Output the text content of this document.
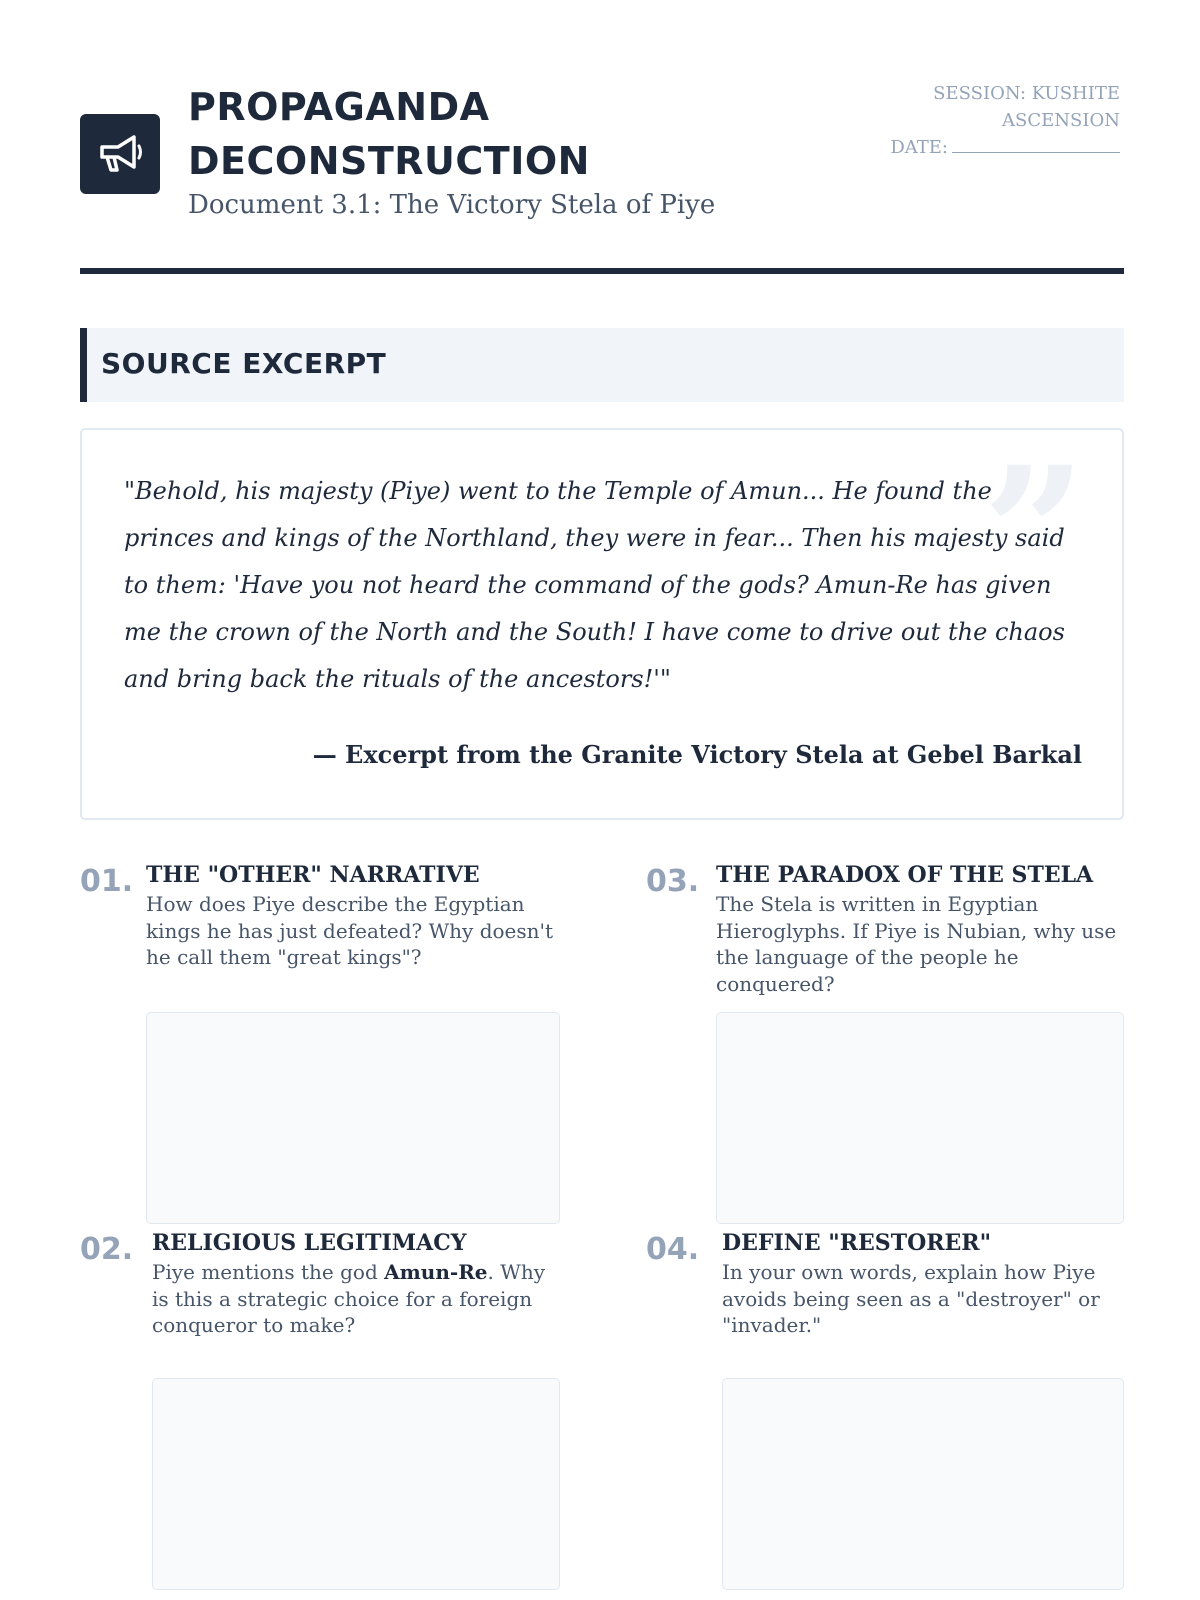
PROPAGANDA DECONSTRUCTION
Document 3.1: The Victory Stela of Piye
SESSION: KUSHITE ASCENSION
DATE:
SOURCE EXCERPT
”

"Behold, his majesty (Piye) went to the Temple of Amun... He found the princes and kings of the Northland, they were in fear... Then his majesty said to them: 'Have you not heard the command of the gods? Amun-Re has given me the crown of the North and the South! I have come to drive out the chaos and bring back the rituals of the ancestors!'"

— Excerpt from the Granite Victory Stela at Gebel Barkal
01. THE "OTHER" NARRATIVE

How does Piye describe the Egyptian kings he has just defeated? Why doesn't he call them "great kings"?

03. THE PARADOX OF THE STELA

The Stela is written in Egyptian Hieroglyphs. If Piye is Nubian, why use the language of the people he conquered?

02. RELIGIOUS LEGITIMACY

Piye mentions the god Amun-Re. Why is this a strategic choice for a foreign conqueror to make?

04. DEFINE "RESTORER"

In your own words, explain how Piye avoids being seen as a "destroyer" or "invader."
